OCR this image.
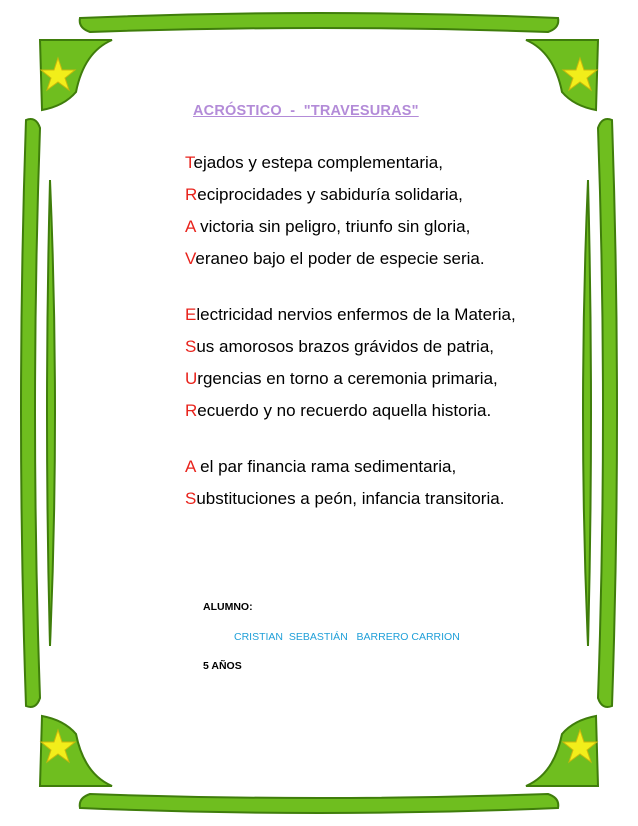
ACRÓSTICO  -  "TRAVESURAS"
Tejados y estepa complementaria,
Reciprocidades y sabiduría solidaria,
A victoria sin peligro, triunfo sin gloria,
Veraneo bajo el poder de especie seria.
Electricidad nervios enfermos de la Materia,
Sus amorosos brazos grávidos de patria,
Urgencias en torno a ceremonia primaria,
Recuerdo y no recuerdo aquella historia.
A el par financia rama sedimentaria,
Substituciones a peón, infancia transitoria.
ALUMNO:
CRISTIAN  SEBASTIÁN   BARRERO CARRION
5 AÑOS
